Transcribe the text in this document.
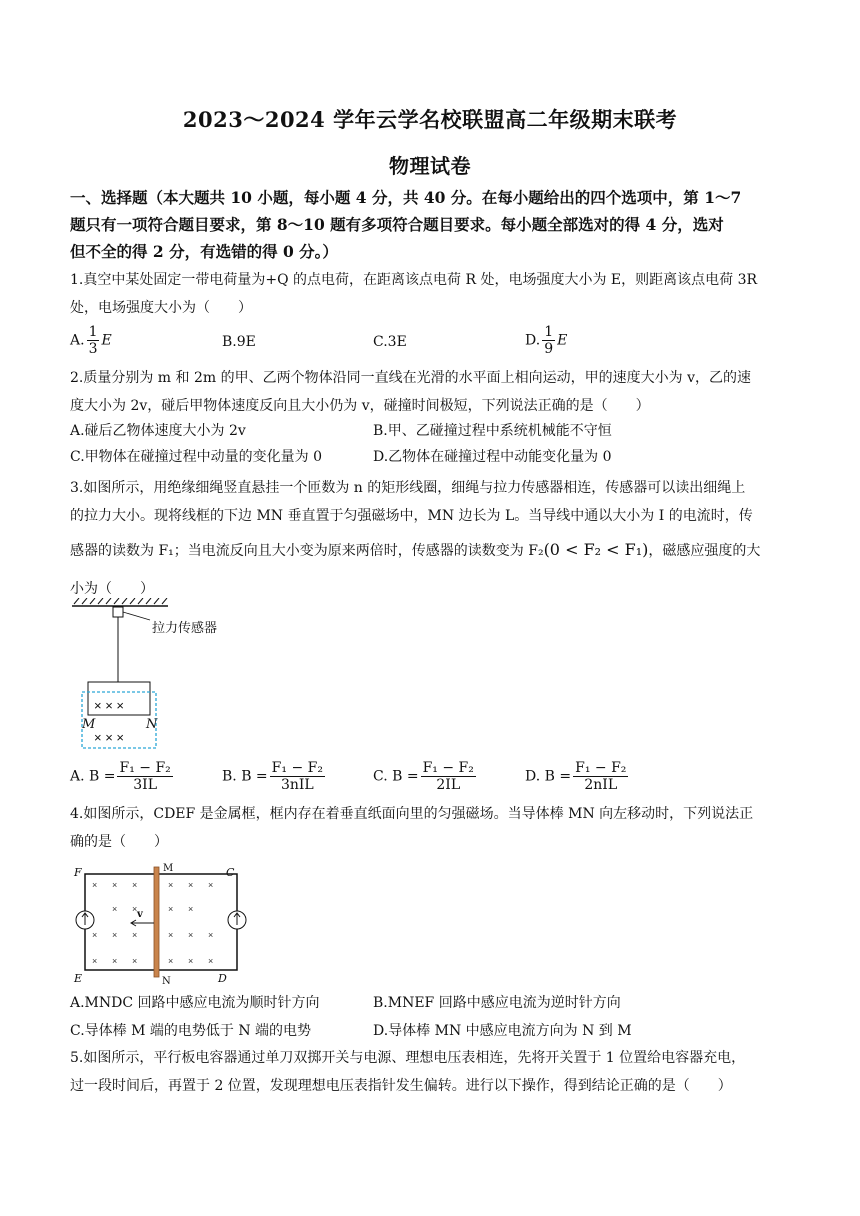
2023～2024 学年云学名校联盟高二年级期末联考
物理试卷
一、选择题（本大题共 10 小题，每小题 4 分，共 40 分。在每小题给出的四个选项中，第 1～7
题只有一项符合题目要求，第 8～10 题有多项符合题目要求。每小题全部选对的得 4 分，选对
但不全的得 2 分，有选错的得 0 分。）
1.真空中某处固定一带电荷量为+Q 的点电荷，在距离该点电荷 R 处，电场强度大小为 E，则距离该点电荷 3R
处，电场强度大小为（　　）
A. $\frac{1}{3}$ E	B.9E	C.3E	D. $\frac{1}{9}$ E
2.质量分别为 m 和 2m 的甲、乙两个物体沿同一直线在光滑的水平面上相向运动，甲的速度大小为 v，乙的速
度大小为 2v，碰后甲物体速度反向且大小仍为 v，碰撞时间极短，下列说法正确的是（　　）
A.碰后乙物体速度大小为 2v	B.甲、乙碰撞过程中系统机械能不守恒
C.甲物体在碰撞过程中动量的变化量为 0	D.乙物体在碰撞过程中动能变化量为 0
3.如图所示，用绝缘细绳竖直悬挂一个匝数为 n 的矩形线圈，细绳与拉力传感器相连，传感器可以读出细绳上
的拉力大小。现将线框的下边 MN 垂直置于匀强磁场中，MN 边长为 L。当导线中通以大小为 I 的电流时，传
感器的读数为 F₁；当电流反向且大小变为原来两倍时，传感器的读数变为 F₂(0 < F₂ < F₁)，磁感应强度的大
小为（　　）
拉力传感器
× × ×
× × ×
M	N
A. $B = \frac{\text{F₁ − F₂}}{3IL}$	B. $B = \frac{\text{F₁ − F₂}}{\text{3nIL}}$	C. $B = \frac{\text{F₁ − F₂}}{2IL}$	D. $B = \frac{\text{F₁ − F₂}}{\text{2nIL}}$
4.如图所示，CDEF 是金属框，框内存在着垂直纸面向里的匀强磁场。当导体棒 MN 向左移动时，下列说法正
确的是（　　）
× × ×	× × ×
× ×	× ×
× × ×	× × ×
× × ×	× × ×
v
F	C
E	D
M
N
A.MNDC 回路中感应电流为顺时针方向	B.MNEF 回路中感应电流为逆时针方向
C.导体棒 M 端的电势低于 N 端的电势	D.导体棒 MN 中感应电流方向为 N 到 M
5.如图所示，平行板电容器通过单刀双掷开关与电源、理想电压表相连，先将开关置于 1 位置给电容器充电，
过一段时间后，再置于 2 位置，发现理想电压表指针发生偏转。进行以下操作，得到结论正确的是（　　）
